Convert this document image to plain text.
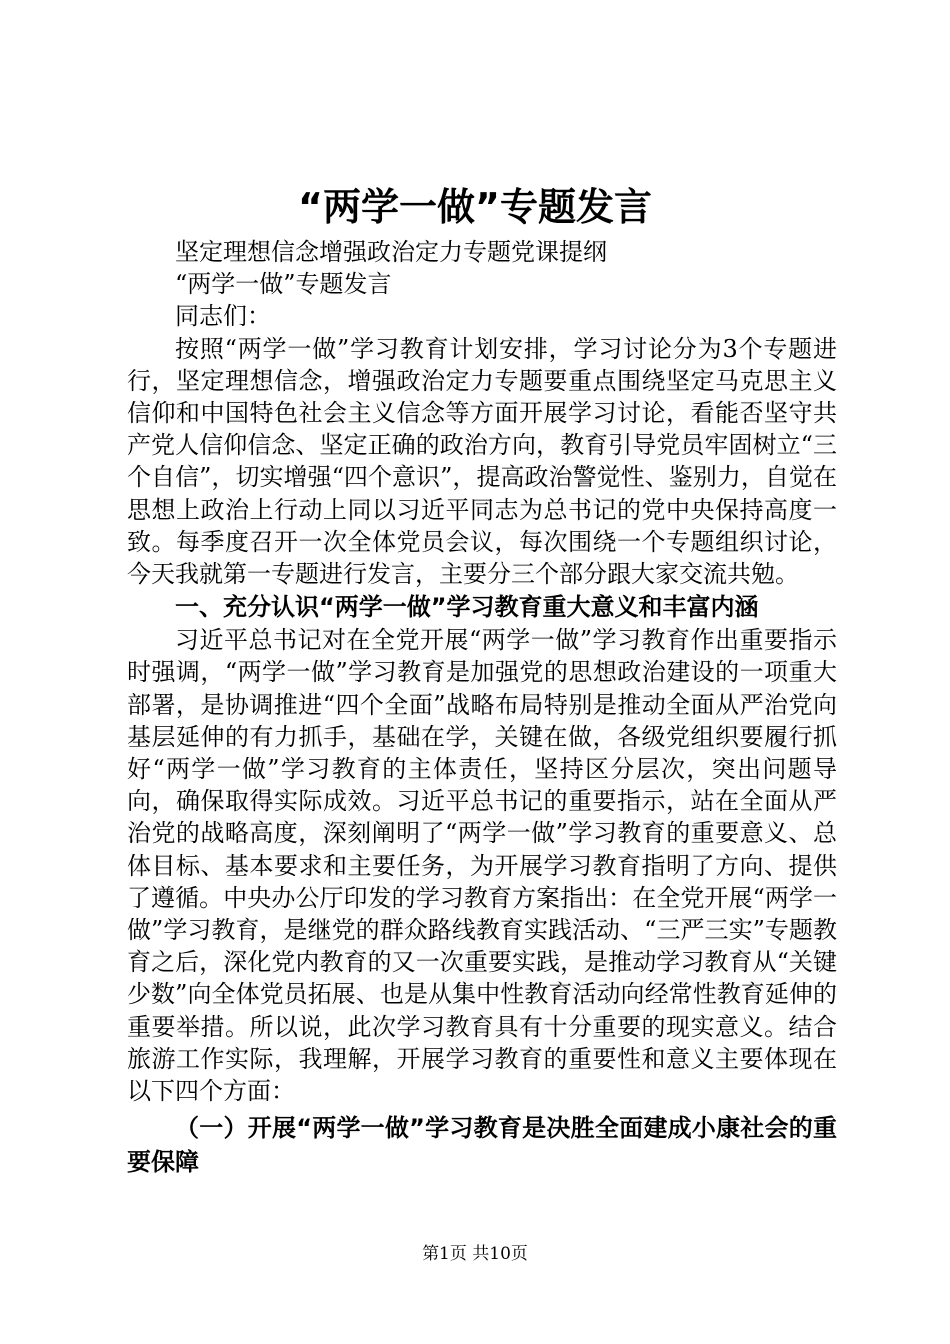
“两学一做”专题发言

坚定理想信念增强政治定力专题党课提纲

“两学一做”专题发言

同志们：

按照“两学一做”学习教育计划安排，学习讨论分为3个专题进行，坚定理想信念，增强政治定力专题要重点围绕坚定马克思主义信仰和中国特色社会主义信念等方面开展学习讨论，看能否坚守共产党人信仰信念、坚定正确的政治方向，教育引导党员牢固树立“三个自信”，切实增强“四个意识”，提高政治警觉性、鉴别力，自觉在思想上政治上行动上同以习近平同志为总书记的党中央保持高度一致。每季度召开一次全体党员会议，每次围绕一个专题组织讨论，今天我就第一专题进行发言，主要分三个部分跟大家交流共勉。

一、充分认识“两学一做”学习教育重大意义和丰富内涵

习近平总书记对在全党开展“两学一做”学习教育作出重要指示时强调，“两学一做”学习教育是加强党的思想政治建设的一项重大部署，是协调推进“四个全面”战略布局特别是推动全面从严治党向基层延伸的有力抓手，基础在学，关键在做，各级党组织要履行抓好“两学一做”学习教育的主体责任，坚持区分层次，突出问题导向，确保取得实际成效。习近平总书记的重要指示，站在全面从严治党的战略高度，深刻阐明了“两学一做”学习教育的重要意义、总体目标、基本要求和主要任务，为开展学习教育指明了方向、提供了遵循。中央办公厅印发的学习教育方案指出：在全党开展“两学一做”学习教育，是继党的群众路线教育实践活动、“三严三实”专题教育之后，深化党内教育的又一次重要实践，是推动学习教育从“关键少数”向全体党员拓展、也是从集中性教育活动向经常性教育延伸的重要举措。所以说，此次学习教育具有十分重要的现实意义。结合旅游工作实际，我理解，开展学习教育的重要性和意义主要体现在以下四个方面：

（一）开展“两学一做”学习教育是决胜全面建成小康社会的重要保障

第1页 共10页
